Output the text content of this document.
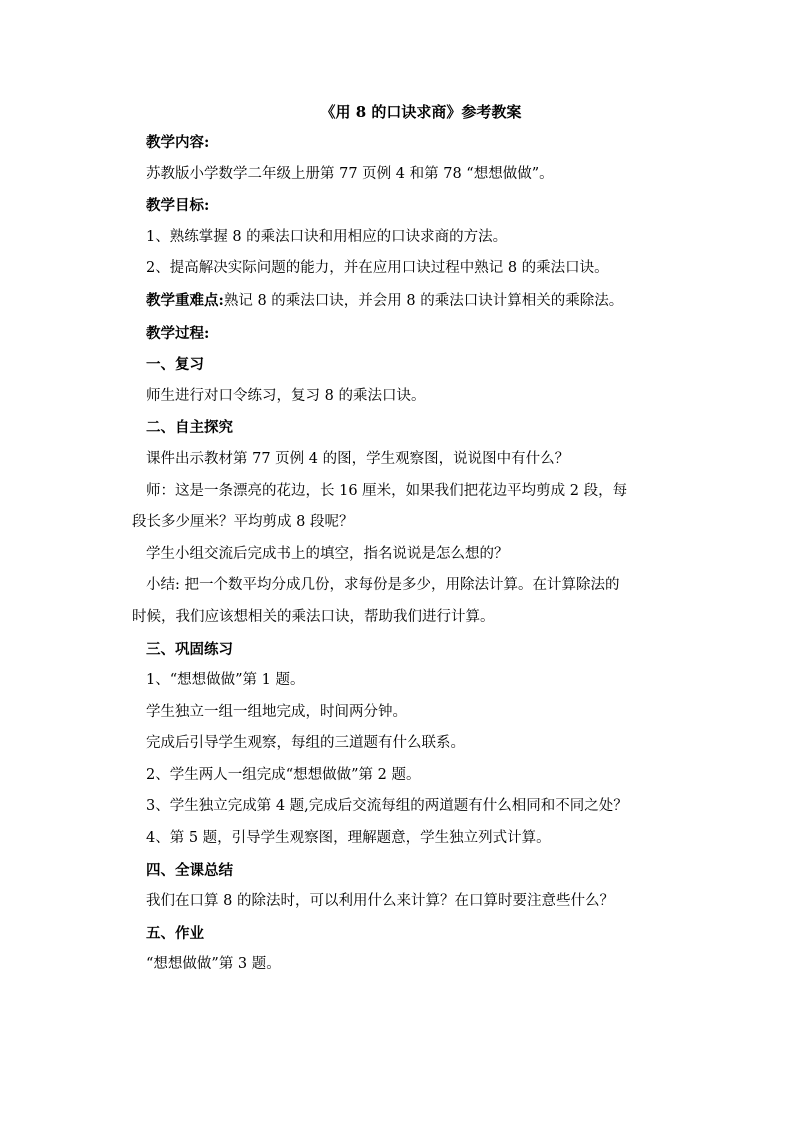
《用 8 的口诀求商》参考教案

教学内容:

苏教版小学数学二年级上册第 77 页例 4 和第 78 “想想做做”。

教学目标:

1、熟练掌握 8 的乘法口诀和用相应的口诀求商的方法。

2、提高解决实际问题的能力，并在应用口诀过程中熟记 8 的乘法口诀。

教学重难点:熟记 8 的乘法口诀，并会用 8 的乘法口诀计算相关的乘除法。

教学过程:

一、复习

师生进行对口令练习，复习 8 的乘法口诀。

二、自主探究

课件出示教材第 77 页例 4 的图，学生观察图，说说图中有什么？

师：这是一条漂亮的花边，长 16 厘米，如果我们把花边平均剪成 2 段，每

段长多少厘米？平均剪成 8 段呢？

学生小组交流后完成书上的填空，指名说说是怎么想的？

小结: 把一个数平均分成几份，求每份是多少，用除法计算。在计算除法的

时候，我们应该想相关的乘法口诀，帮助我们进行计算。

三、巩固练习

1、“想想做做”第 1 题。

学生独立一组一组地完成，时间两分钟。

完成后引导学生观察，每组的三道题有什么联系。

2、学生两人一组完成“想想做做”第 2 题。

3、学生独立完成第 4 题,完成后交流每组的两道题有什么相同和不同之处？

4、第 5 题，引导学生观察图，理解题意，学生独立列式计算。

四、全课总结

我们在口算 8 的除法时，可以利用什么来计算？在口算时要注意些什么？

五、作业

“想想做做”第 3 题。
